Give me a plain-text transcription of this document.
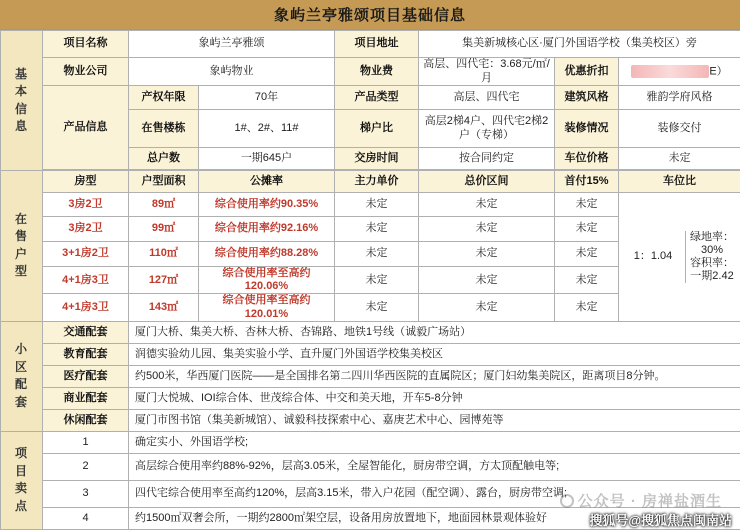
象屿兰亭雅颂项目基础信息
基本信息	项目名称	象屿兰亭雅颂		项目地址	集美新城核心区·厦门外国语学校（集美校区）旁		
	物业公司	象屿物业		物业费	高层、四代宅：3.68元/㎡/月	优惠折扣	E）
	产品信息	产权年限	70年	产品类型	高层、四代宅	建筑风格	雅韵学府风格
		在售楼栋	1#、2#、11#	梯户比	高层2梯4户、四代宅2梯2户（专梯）	装修情况	装修交付
		总户数	一期645户	交房时间	按合同约定	车位价格	未定

在售户型	房型	户型面积	公摊率	主力单价	总价区间	首付15%	车位比
	3房2卫	89㎡	综合使用率约90.35%	未定	未定	未定	1：1.04
绿地率：30%
容积率：一期2.42

	3房2卫	99㎡	综合使用率约92.16%	未定	未定	未定	
	3+1房2卫	110㎡	综合使用率约88.28%	未定	未定	未定	
	4+1房3卫	127㎡	综合使用率至高约120.06%	未定	未定	未定	
	4+1房3卫	143㎡	综合使用率至高约120.01%	未定	未定	未定	

小区配套	交通配套	厦门大桥、集美大桥、杏林大桥、杏锦路、地铁1号线（诚毅广场站）					
	教育配套	润德实验幼儿园、集美实验小学、直升厦门外国语学校集美校区					
	医疗配套	约500米，华西厦门医院——是全国排名第二四川华西医院的直属院区；厦门妇幼集美院区，距离项目8分钟。					
	商业配套	厦门大悦城、IOI综合体、世茂综合体、中交和美天地，开车5-8分钟					
	休闲配套	厦门市图书馆（集美新城馆）、诚毅科技探索中心、嘉庚艺术中心、园博苑等					

项目卖点	1	确定实小、外国语学校;					
	2	高层综合使用率约88%-92%，层高3.05米，全屋智能化，厨房带空调，方太顶配触电等;					
	3	四代宅综合使用率至高约120%，层高3.15米，带入户花园（配空调）、露台，厨房带空调;					
	4	约1500㎡双奢会所，一期约2800㎡架空层，设备用房放置地下，地面园林景观体验好					
公众号 · 房禅盐酒生
搜狐号@搜狐焦点闽南站
